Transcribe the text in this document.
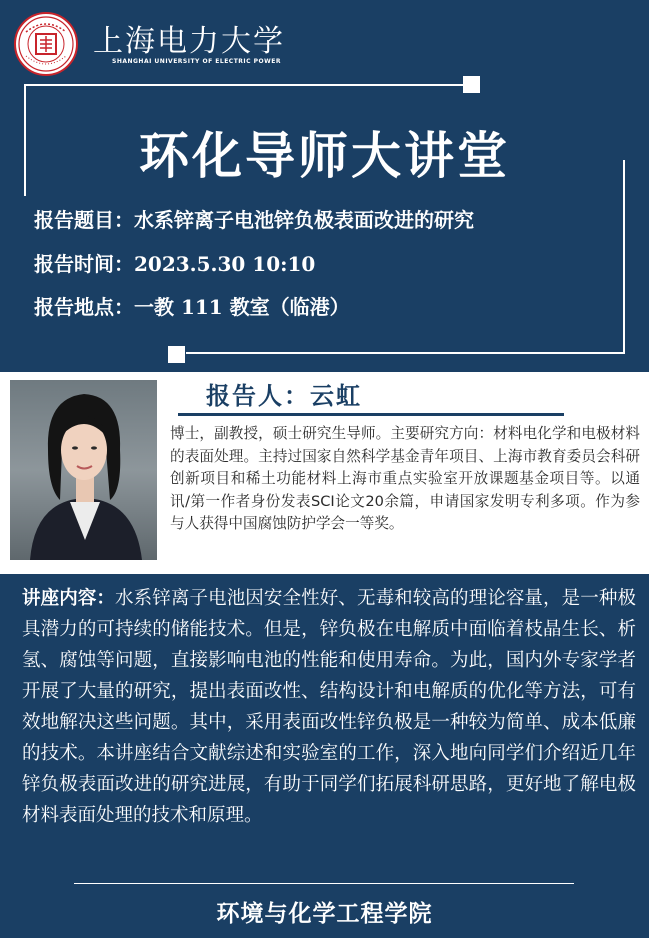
上海电力大学
SHANGHAI UNIVERSITY OF ELECTRIC POWER
环化导师大讲堂
报告题目：水系锌离子电池锌负极表面改进的研究
报告时间：2023.5.30 10:10
报告地点：一教 111 教室（临港）
报告人：云虹
博士，副教授，硕士研究生导师。主要研究方向：材料电化学和电极材料的表面处理。主持过国家自然科学基金青年项目、上海市教育委员会科研创新项目和稀土功能材料上海市重点实验室开放课题基金项目等。以通讯/第一作者身份发表SCI论文20余篇，申请国家发明专利多项。作为参与人获得中国腐蚀防护学会一等奖。
讲座内容：水系锌离子电池因安全性好、无毒和较高的理论容量，是一种极具潜力的可持续的储能技术。但是，锌负极在电解质中面临着枝晶生长、析氢、腐蚀等问题，直接影响电池的性能和使用寿命。为此，国内外专家学者开展了大量的研究，提出表面改性、结构设计和电解质的优化等方法，可有效地解决这些问题。其中，采用表面改性锌负极是一种较为简单、成本低廉的技术。本讲座结合文献综述和实验室的工作，深入地向同学们介绍近几年锌负极表面改进的研究进展，有助于同学们拓展科研思路，更好地了解电极材料表面处理的技术和原理。
环境与化学工程学院
